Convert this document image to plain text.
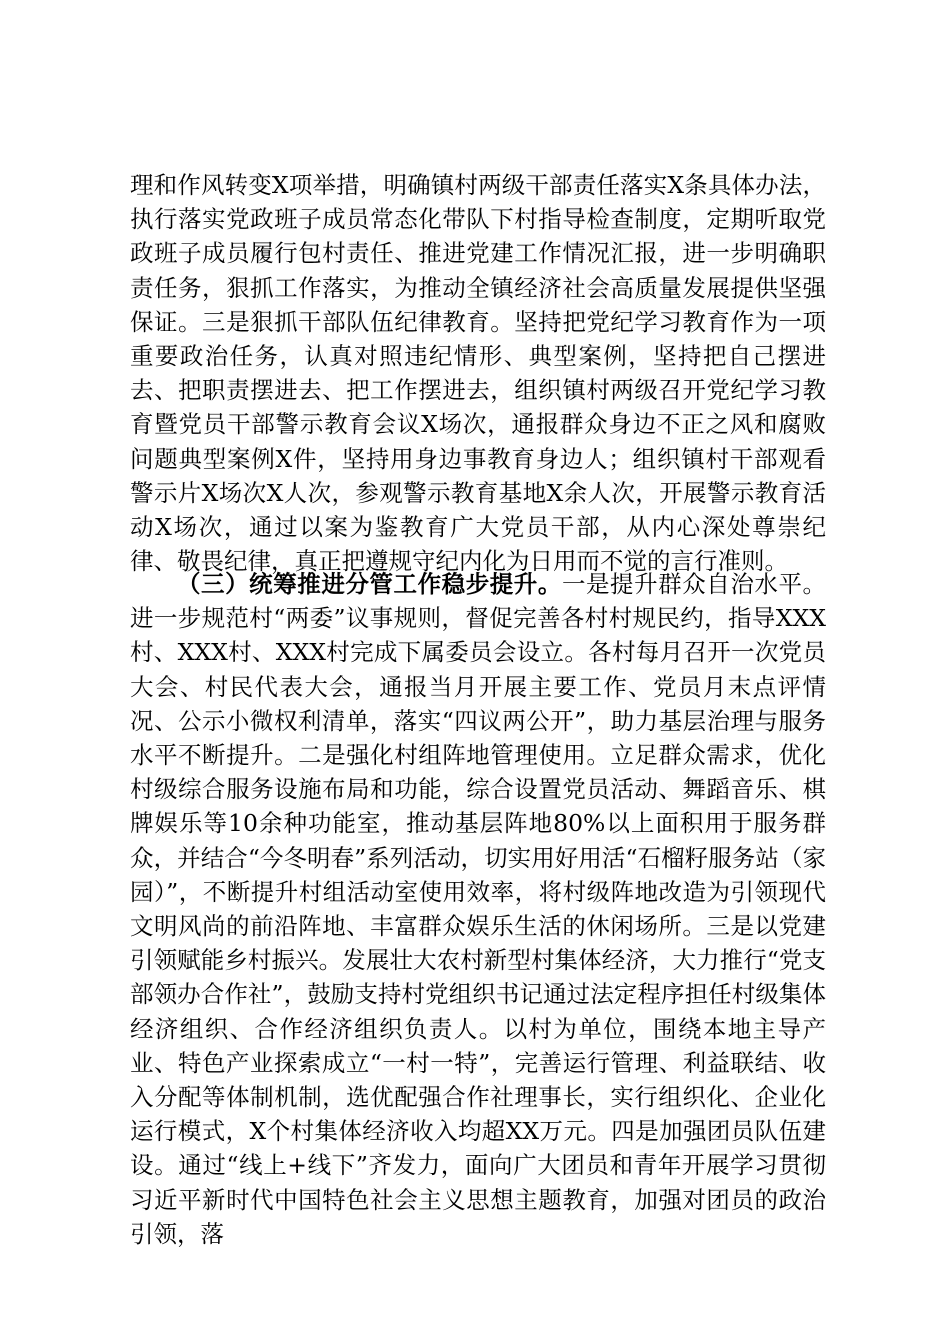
理和作风转变X项举措，明确镇村两级干部责任落实X条具体办法，执行落实党政班子成员常态化带队下村指导检查制度，定期听取党政班子成员履行包村责任、推进党建工作情况汇报，进一步明确职责任务，狠抓工作落实，为推动全镇经济社会高质量发展提供坚强保证。三是狠抓干部队伍纪律教育。坚持把党纪学习教育作为一项重要政治任务，认真对照违纪情形、典型案例，坚持把自己摆进去、把职责摆进去、把工作摆进去，组织镇村两级召开党纪学习教育暨党员干部警示教育会议X场次，通报群众身边不正之风和腐败问题典型案例X件，坚持用身边事教育身边人；组织镇村干部观看警示片X场次X人次，参观警示教育基地X余人次，开展警示教育活动X场次，通过以案为鉴教育广大党员干部，从内心深处尊崇纪律、敬畏纪律，真正把遵规守纪内化为日用而不觉的言行准则。

（三）统筹推进分管工作稳步提升。一是提升群众自治水平。进一步规范村“两委”议事规则，督促完善各村村规民约，指导XXX村、XXX村、XXX村完成下属委员会设立。各村每月召开一次党员大会、村民代表大会，通报当月开展主要工作、党员月末点评情况、公示小微权利清单，落实“四议两公开”，助力基层治理与服务水平不断提升。二是强化村组阵地管理使用。立足群众需求，优化村级综合服务设施布局和功能，综合设置党员活动、舞蹈音乐、棋牌娱乐等10余种功能室，推动基层阵地80%以上面积用于服务群众，并结合“今冬明春”系列活动，切实用好用活“石榴籽服务站（家园）”，不断提升村组活动室使用效率，将村级阵地改造为引领现代文明风尚的前沿阵地、丰富群众娱乐生活的休闲场所。三是以党建引领赋能乡村振兴。发展壮大农村新型村集体经济，大力推行“党支部领办合作社”，鼓励支持村党组织书记通过法定程序担任村级集体经济组织、合作经济组织负责人。以村为单位，围绕本地主导产业、特色产业探索成立“一村一特”，完善运行管理、利益联结、收入分配等体制机制，选优配强合作社理事长，实行组织化、企业化运行模式，X个村集体经济收入均超XX万元。四是加强团员队伍建设。通过“线上+线下”齐发力，面向广大团员和青年开展学习贯彻习近平新时代中国特色社会主义思想主题教育，加强对团员的政治引领，落
